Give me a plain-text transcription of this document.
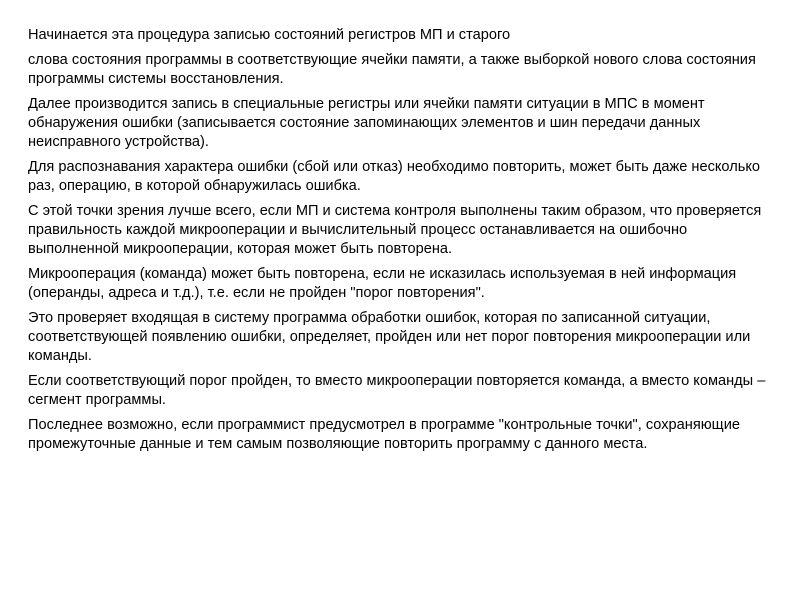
Начинается эта процедура записью состояний регистров МП и старого

слова состояния программы в соответствующие ячейки памяти, а также выборкой нового слова состояния программы системы восстановления.

Далее производится запись в специальные регистры или ячейки памяти ситуации в МПС в момент обнаружения ошибки (записывается состояние запоминающих элементов и шин передачи данных неисправного устройства).

Для распознавания характера ошибки (сбой или отказ) необходимо повторить, может быть даже несколько раз, операцию, в которой обнаружилась ошибка.

С этой точки зрения лучше всего, если МП и система контроля выполнены таким образом, что проверяется правильность каждой микрооперации и вычислительный процесс останавливается на ошибочно выполненной микрооперации, которая может быть повторена.

Микрооперация (команда) может быть повторена, если не исказилась используемая в ней информация (операнды, адреса и т.д.), т.е. если не пройден "порог повторения".

Это проверяет входящая в систему программа обработки ошибок, которая по записанной ситуации, соответствующей появлению ошибки, определяет, пройден или нет порог повторения микрооперации или команды.

Если соответствующий порог пройден, то вместо микрооперации повторяется команда, а вместо команды – сегмент программы.

Последнее возможно, если программист предусмотрел в программе "контрольные точки", сохраняющие промежуточные данные и тем самым позволяющие повторить программу с данного места.
